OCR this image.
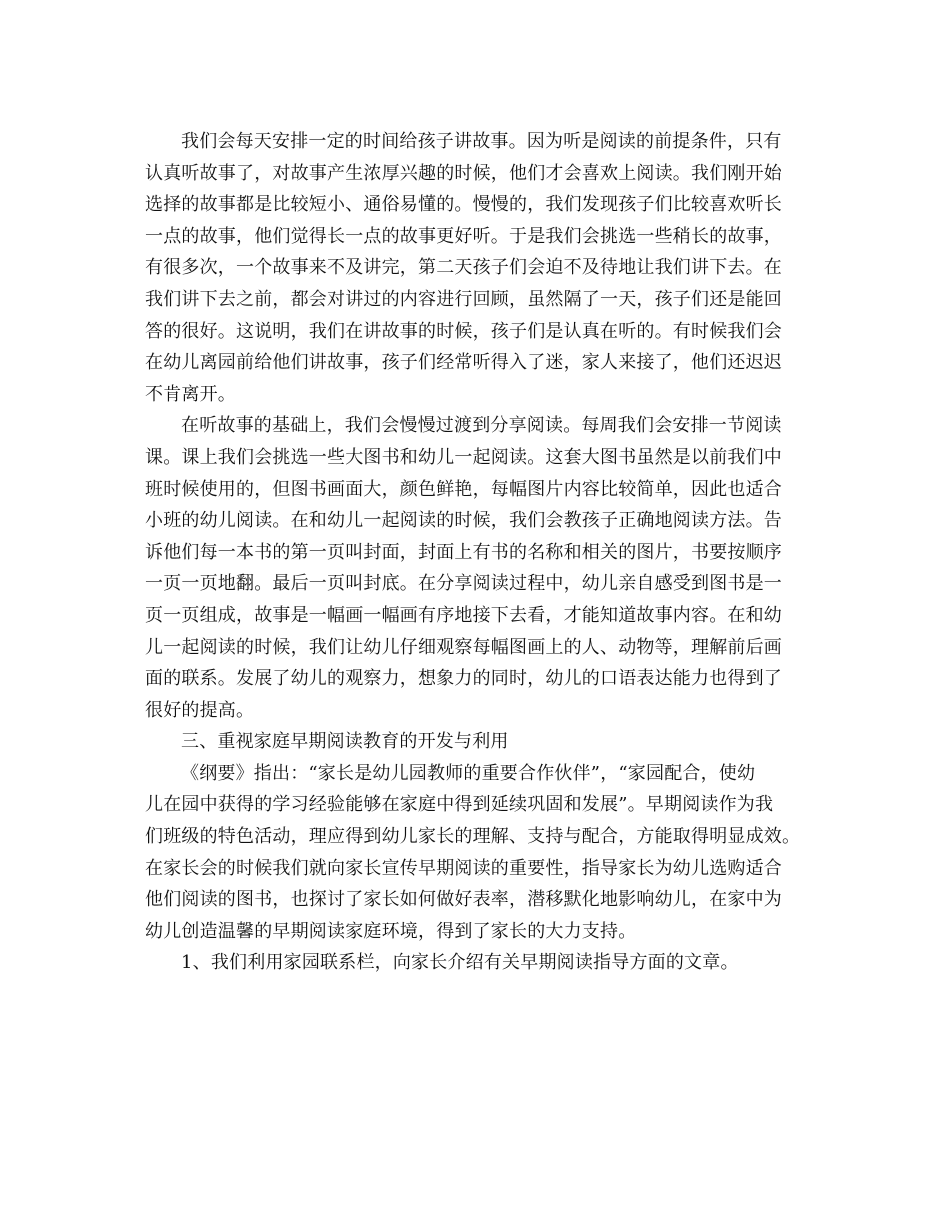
我们会每天安排一定的时间给孩子讲故事。因为听是阅读的前提条件，只有
认真听故事了，对故事产生浓厚兴趣的时候，他们才会喜欢上阅读。我们刚开始
选择的故事都是比较短小、通俗易懂的。慢慢的，我们发现孩子们比较喜欢听长
一点的故事，他们觉得长一点的故事更好听。于是我们会挑选一些稍长的故事，
有很多次，一个故事来不及讲完，第二天孩子们会迫不及待地让我们讲下去。在
我们讲下去之前，都会对讲过的内容进行回顾，虽然隔了一天，孩子们还是能回
答的很好。这说明，我们在讲故事的时候，孩子们是认真在听的。有时候我们会
在幼儿离园前给他们讲故事，孩子们经常听得入了迷，家人来接了，他们还迟迟
不肯离开。

在听故事的基础上，我们会慢慢过渡到分享阅读。每周我们会安排一节阅读
课。课上我们会挑选一些大图书和幼儿一起阅读。这套大图书虽然是以前我们中
班时候使用的，但图书画面大，颜色鲜艳，每幅图片内容比较简单，因此也适合
小班的幼儿阅读。在和幼儿一起阅读的时候，我们会教孩子正确地阅读方法。告
诉他们每一本书的第一页叫封面，封面上有书的名称和相关的图片，书要按顺序
一页一页地翻。最后一页叫封底。在分享阅读过程中，幼儿亲自感受到图书是一
页一页组成，故事是一幅画一幅画有序地接下去看，才能知道故事内容。在和幼
儿一起阅读的时候，我们让幼儿仔细观察每幅图画上的人、动物等，理解前后画
面的联系。发展了幼儿的观察力，想象力的同时，幼儿的口语表达能力也得到了
很好的提高。

三、重视家庭早期阅读教育的开发与利用

《纲要》指出：“家长是幼儿园教师的重要合作伙伴”，“家园配合，使幼
儿在园中获得的学习经验能够在家庭中得到延续巩固和发展”。早期阅读作为我
们班级的特色活动，理应得到幼儿家长的理解、支持与配合，方能取得明显成效。
在家长会的时候我们就向家长宣传早期阅读的重要性，指导家长为幼儿选购适合
他们阅读的图书，也探讨了家长如何做好表率，潜移默化地影响幼儿，在家中为
幼儿创造温馨的早期阅读家庭环境，得到了家长的大力支持。

1、我们利用家园联系栏，向家长介绍有关早期阅读指导方面的文章。
